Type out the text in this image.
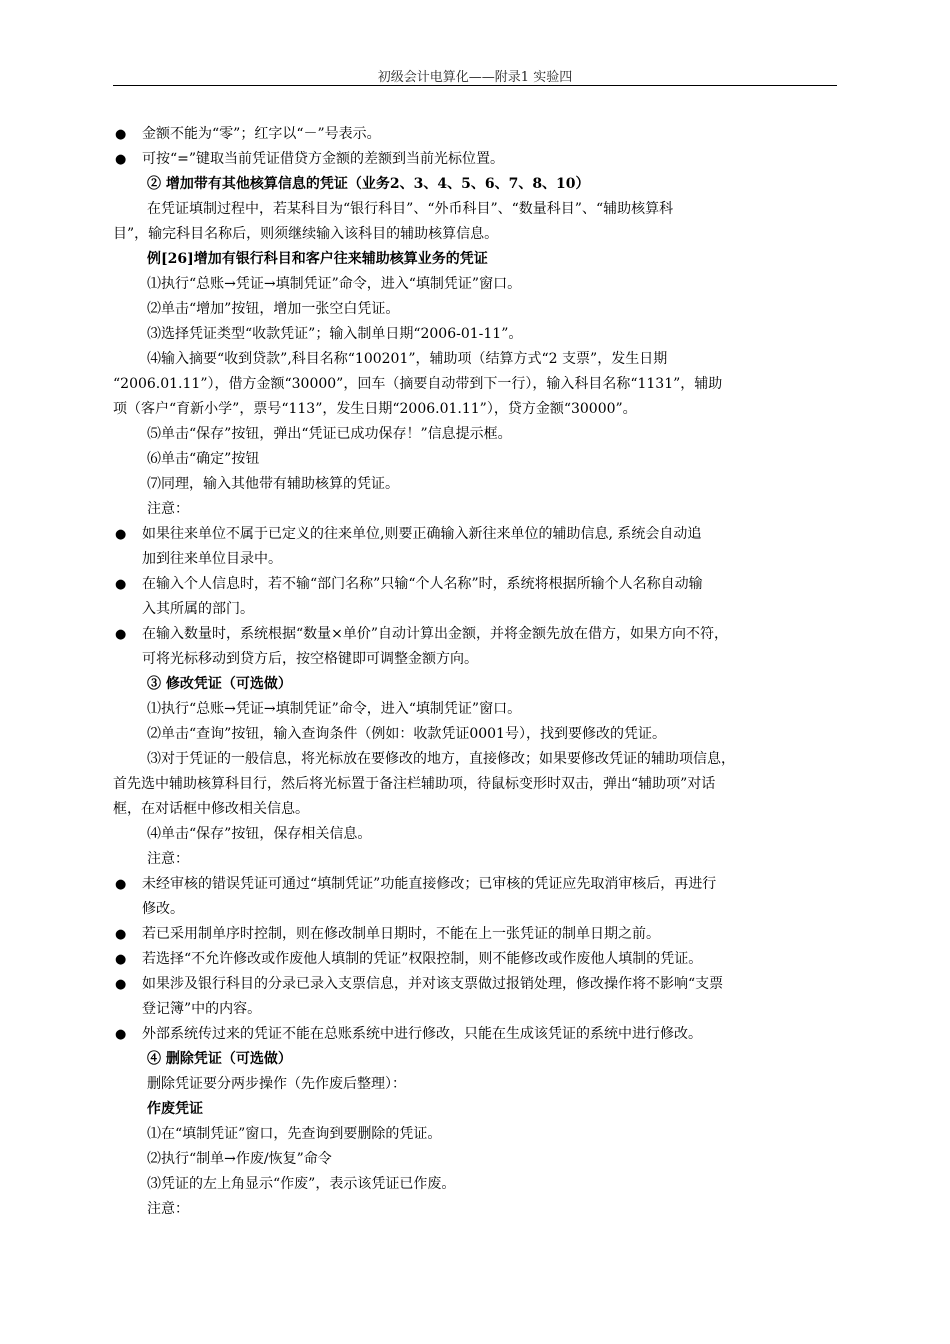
初级会计电算化——附录1 实验四
● 金额不能为“零”；红字以“－”号表示。
● 可按“=”键取当前凭证借贷方金额的差额到当前光标位置。
② 增加带有其他核算信息的凭证（业务2、3、4、5、6、7、8、10）
在凭证填制过程中，若某科目为“银行科目”、“外币科目”、“数量科目”、“辅助核算科
目”，输完科目名称后，则须继续输入该科目的辅助核算信息。
例[26]增加有银行科目和客户往来辅助核算业务的凭证
⑴执行“总账→凭证→填制凭证”命令，进入“填制凭证”窗口。
⑵单击“增加”按钮，增加一张空白凭证。
⑶选择凭证类型“收款凭证”；输入制单日期“2006-01-11”。
⑷输入摘要“收到贷款”,科目名称“100201”，辅助项（结算方式“2 支票”，发生日期
“2006.01.11”），借方金额“30000”，回车（摘要自动带到下一行），输入科目名称“1131”，辅助
项（客户“育新小学”，票号“113”，发生日期“2006.01.11”），贷方金额“30000”。
⑸单击“保存”按钮，弹出“凭证已成功保存！”信息提示框。
⑹单击“确定”按钮
⑺同理，输入其他带有辅助核算的凭证。
注意：
● 如果往来单位不属于已定义的往来单位,则要正确输入新往来单位的辅助信息, 系统会自动追
加到往来单位目录中。
● 在输入个人信息时，若不输“部门名称”只输“个人名称”时，系统将根据所输个人名称自动输
入其所属的部门。
● 在输入数量时，系统根据“数量×单价”自动计算出金额，并将金额先放在借方，如果方向不符，
可将光标移动到贷方后，按空格键即可调整金额方向。
③ 修改凭证（可选做）
⑴执行“总账→凭证→填制凭证”命令，进入“填制凭证”窗口。
⑵单击“查询”按钮，输入查询条件（例如：收款凭证0001号），找到要修改的凭证。
⑶对于凭证的一般信息，将光标放在要修改的地方，直接修改；如果要修改凭证的辅助项信息，
首先选中辅助核算科目行，然后将光标置于备注栏辅助项，待鼠标变形时双击，弹出“辅助项”对话
框，在对话框中修改相关信息。
⑷单击“保存”按钮，保存相关信息。
注意：
● 未经审核的错误凭证可通过“填制凭证”功能直接修改；已审核的凭证应先取消审核后，再进行
修改。
● 若已采用制单序时控制，则在修改制单日期时，不能在上一张凭证的制单日期之前。
● 若选择“不允许修改或作废他人填制的凭证”权限控制，则不能修改或作废他人填制的凭证。
● 如果涉及银行科目的分录已录入支票信息，并对该支票做过报销处理，修改操作将不影响“支票
登记簿”中的内容。
● 外部系统传过来的凭证不能在总账系统中进行修改，只能在生成该凭证的系统中进行修改。
④ 删除凭证（可选做）
删除凭证要分两步操作（先作废后整理）：
作废凭证
⑴在“填制凭证”窗口，先查询到要删除的凭证。
⑵执行“制单→作废/恢复”命令
⑶凭证的左上角显示“作废”，表示该凭证已作废。
注意：
